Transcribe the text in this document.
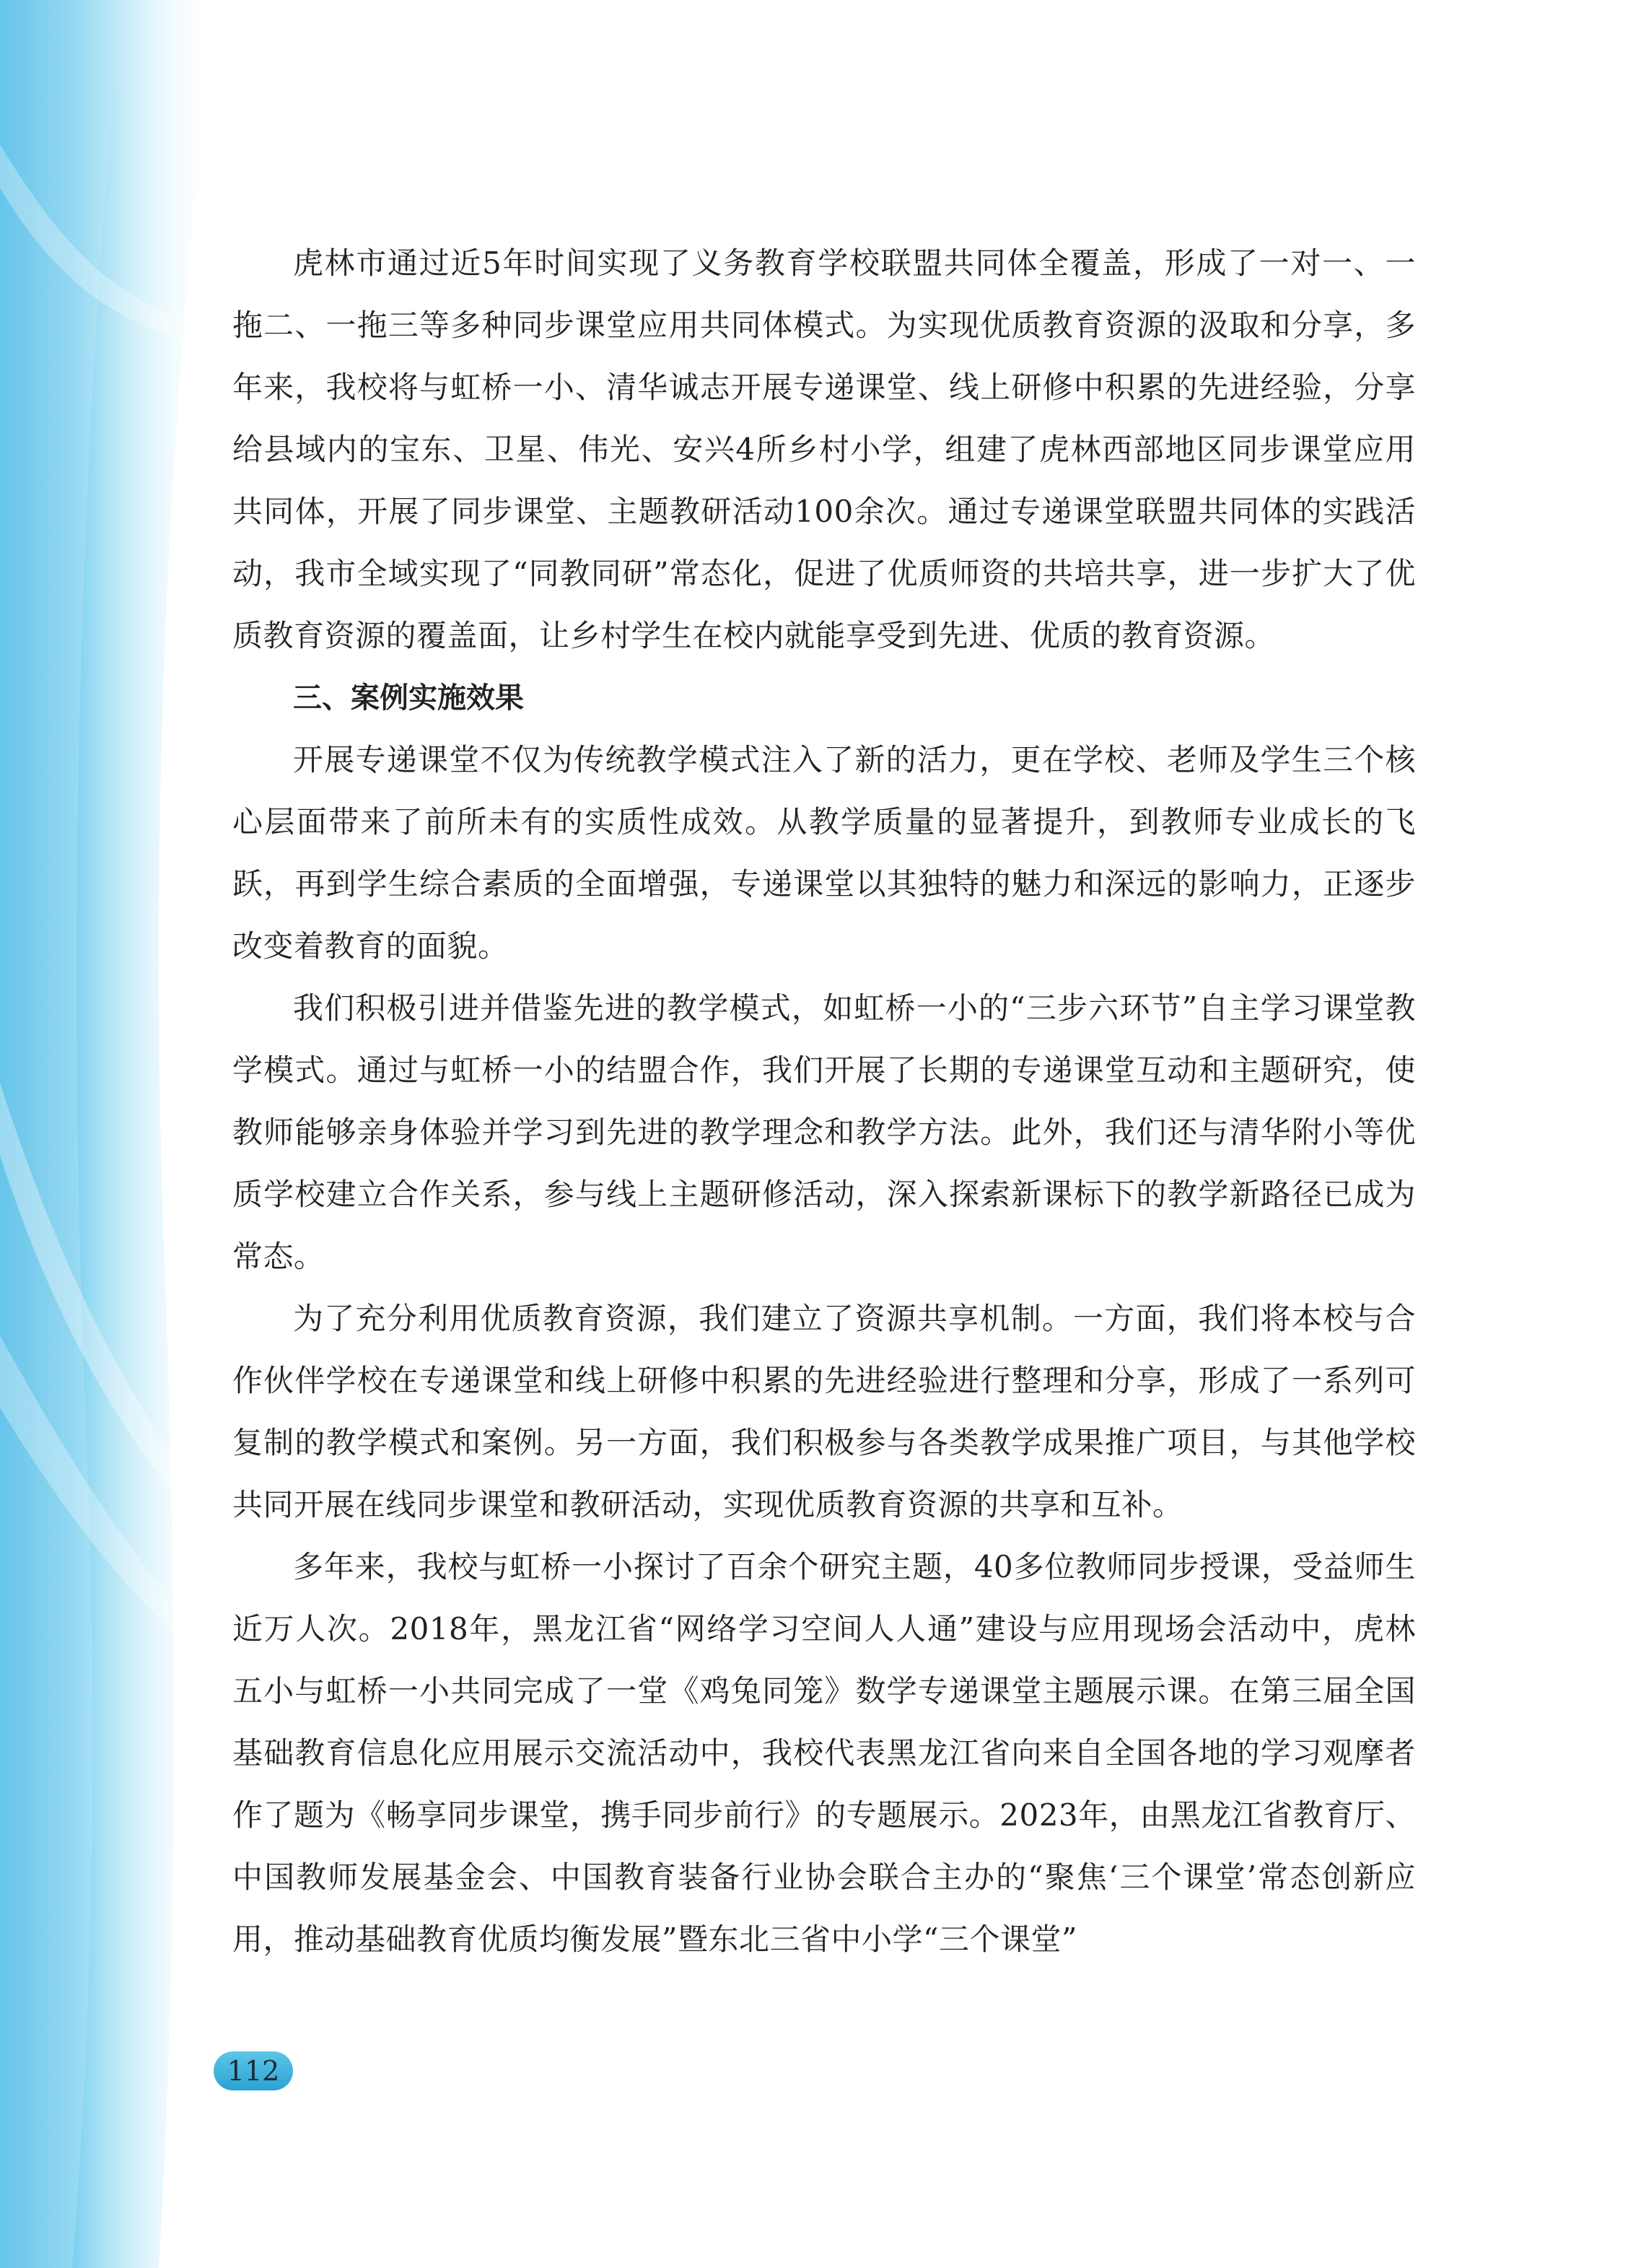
虎林市通过近5年时间实现了义务教育学校联盟共同体全覆盖，形成了一对一、一拖二、一拖三等多种同步课堂应用共同体模式。为实现优质教育资源的汲取和分享，多年来，我校将与虹桥一小、清华诚志开展专递课堂、线上研修中积累的先进经验，分享给县域内的宝东、卫星、伟光、安兴4所乡村小学，组建了虎林西部地区同步课堂应用共同体，开展了同步课堂、主题教研活动100余次。通过专递课堂联盟共同体的实践活动，我市全域实现了“同教同研”常态化，促进了优质师资的共培共享，进一步扩大了优质教育资源的覆盖面，让乡村学生在校内就能享受到先进、优质的教育资源。

三、案例实施效果

开展专递课堂不仅为传统教学模式注入了新的活力，更在学校、老师及学生三个核心层面带来了前所未有的实质性成效。从教学质量的显著提升，到教师专业成长的飞跃，再到学生综合素质的全面增强，专递课堂以其独特的魅力和深远的影响力，正逐步改变着教育的面貌。

我们积极引进并借鉴先进的教学模式，如虹桥一小的“三步六环节”自主学习课堂教学模式。通过与虹桥一小的结盟合作，我们开展了长期的专递课堂互动和主题研究，使教师能够亲身体验并学习到先进的教学理念和教学方法。此外，我们还与清华附小等优质学校建立合作关系，参与线上主题研修活动，深入探索新课标下的教学新路径已成为常态。

为了充分利用优质教育资源，我们建立了资源共享机制。一方面，我们将本校与合作伙伴学校在专递课堂和线上研修中积累的先进经验进行整理和分享，形成了一系列可复制的教学模式和案例。另一方面，我们积极参与各类教学成果推广项目，与其他学校共同开展在线同步课堂和教研活动，实现优质教育资源的共享和互补。

多年来，我校与虹桥一小探讨了百余个研究主题，40多位教师同步授课，受益师生近万人次。2018年，黑龙江省“网络学习空间人人通”建设与应用现场会活动中，虎林五小与虹桥一小共同完成了一堂《鸡兔同笼》数学专递课堂主题展示课。在第三届全国基础教育信息化应用展示交流活动中，我校代表黑龙江省向来自全国各地的学习观摩者作了题为《畅享同步课堂，携手同步前行》的专题展示。2023年，由黑龙江省教育厅、中国教师发展基金会、中国教育装备行业协会联合主办的“聚焦‘三个课堂’常态创新应用，推动基础教育优质均衡发展”暨东北三省中小学“三个课堂”

112
